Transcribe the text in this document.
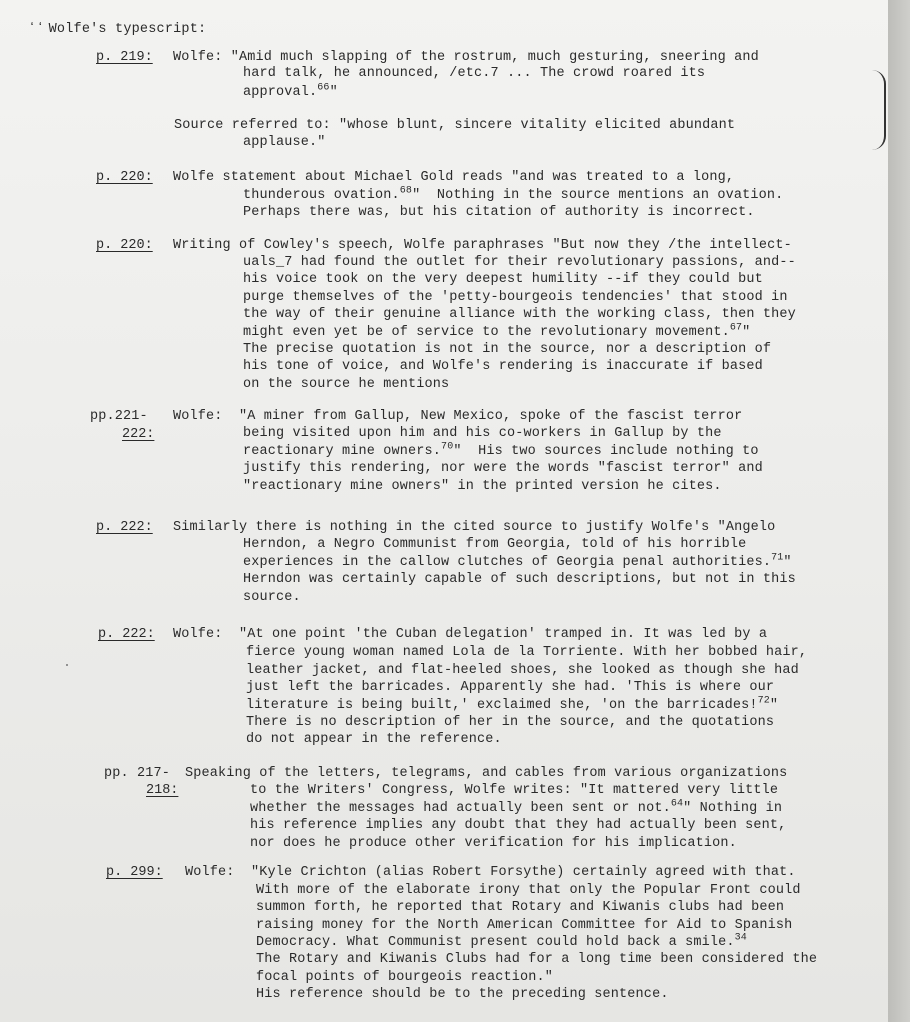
ʻʻ Wolfe's typescript:
p. 219: Wolfe: "Amid much slapping of the rostrum, much gesturing, sneering and
hard talk, he announced, /etc.7 ... The crowd roared its
approval.$^{66}$"
Source referred to: "whose blunt, sincere vitality elicited abundant
applause."
p. 220: Wolfe statement about Michael Gold reads "and was treated to a long,
thunderous ovation.$^{68}$"  Nothing in the source mentions an ovation.
Perhaps there was, but his citation of authority is incorrect.
p. 220: Writing of Cowley's speech, Wolfe paraphrases "But now they /the intellect-
uals_7 had found the outlet for their revolutionary passions, and--
his voice took on the very deepest humility --if they could but
purge themselves of the 'petty-bourgeois tendencies' that stood in
the way of their genuine alliance with the working class, then they
might even yet be of service to the revolutionary movement.$^{67}$"
The precise quotation is not in the source, nor a description of
his tone of voice, and Wolfe's rendering is inaccurate if based
on the source he mentions
pp.221-
222:
Wolfe:  "A miner from Gallup, New Mexico, spoke of the fascist terror
being visited upon him and his co-workers in Gallup by the
reactionary mine owners.$^{70}$"  His two sources include nothing to
justify this rendering, nor were the words "fascist terror" and
"reactionary mine owners" in the printed version he cites.
p. 222: Similarly there is nothing in the cited source to justify Wolfe's "Angelo
Herndon, a Negro Communist from Georgia, told of his horrible
experiences in the callow clutches of Georgia penal authorities.$^{71}$"
Herndon was certainly capable of such descriptions, but not in this
source.
p. 222: Wolfe:  "At one point 'the Cuban delegation' tramped in. It was led by a
fierce young woman named Lola de la Torriente. With her bobbed hair,
leather jacket, and flat-heeled shoes, she looked as though she had
just left the barricades. Apparently she had. 'This is where our
literature is being built,' exclaimed she, 'on the barricades!$^{72}$"
There is no description of her in the source, and the quotations
do not appear in the reference.
pp. 217-
218:
Speaking of the letters, telegrams, and cables from various organizations
to the Writers' Congress, Wolfe writes: "It mattered very little
whether the messages had actually been sent or not.$^{64}$" Nothing in
his reference implies any doubt that they had actually been sent,
nor does he produce other verification for his implication.
p. 299: Wolfe:  "Kyle Crichton (alias Robert Forsythe) certainly agreed with that.
With more of the elaborate irony that only the Popular Front could
summon forth, he reported that Rotary and Kiwanis clubs had been
raising money for the North American Committee for Aid to Spanish
Democracy. What Communist present could hold back a smile.$^{34}$
The Rotary and Kiwanis Clubs had for a long time been considered the
focal points of bourgeois reaction."
His reference should be to the preceding sentence.
